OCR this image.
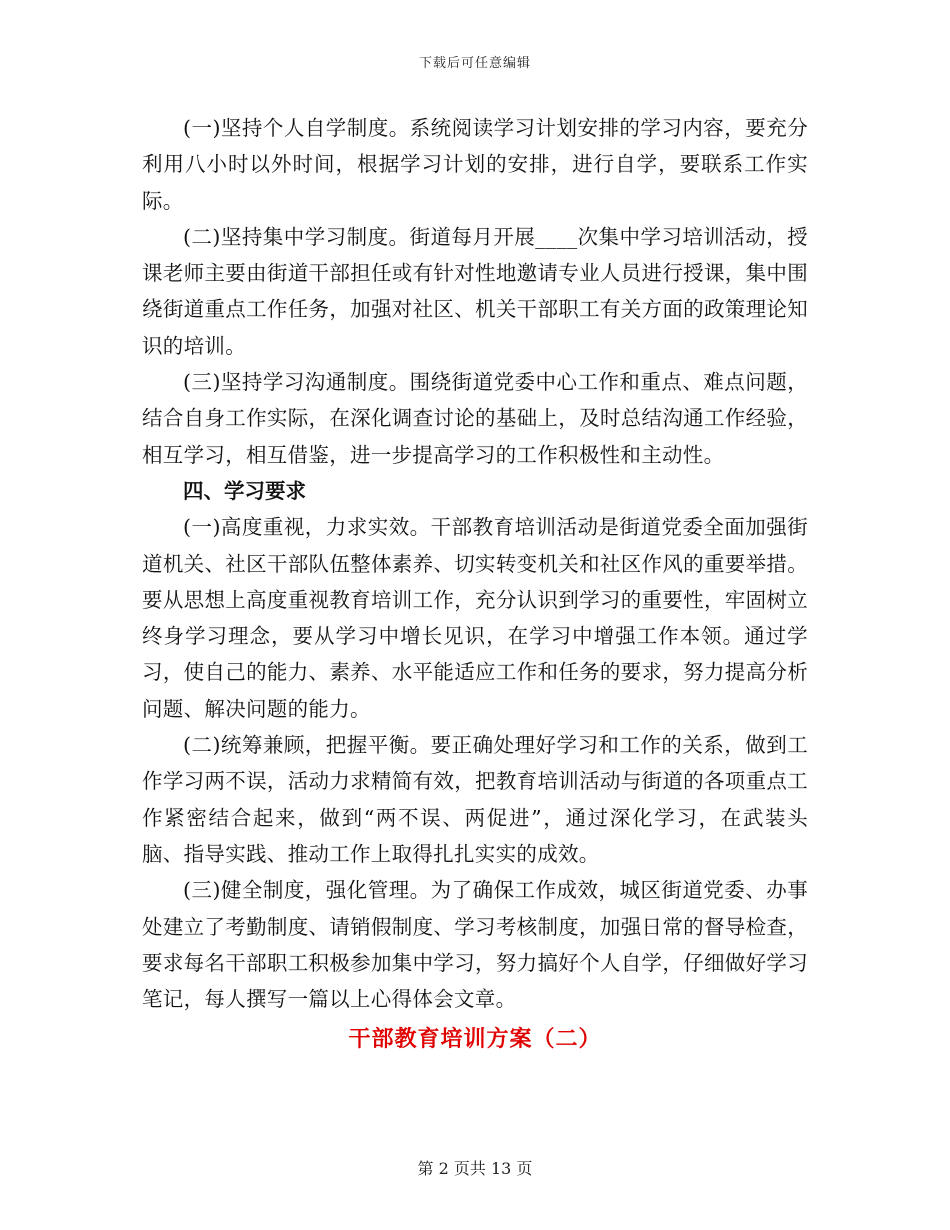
下载后可任意编辑

(一)坚持个人自学制度。系统阅读学习计划安排的学习内容，要充分利用八小时以外时间，根据学习计划的安排，进行自学，要联系工作实际。

(二)坚持集中学习制度。街道每月开展____次集中学习培训活动，授课老师主要由街道干部担任或有针对性地邀请专业人员进行授课，集中围绕街道重点工作任务，加强对社区、机关干部职工有关方面的政策理论知识的培训。

(三)坚持学习沟通制度。围绕街道党委中心工作和重点、难点问题，结合自身工作实际，在深化调查讨论的基础上，及时总结沟通工作经验，相互学习，相互借鉴，进一步提高学习的工作积极性和主动性。

四、学习要求

(一)高度重视，力求实效。干部教育培训活动是街道党委全面加强街道机关、社区干部队伍整体素养、切实转变机关和社区作风的重要举措。要从思想上高度重视教育培训工作，充分认识到学习的重要性，牢固树立终身学习理念，要从学习中增长见识，在学习中增强工作本领。通过学习，使自己的能力、素养、水平能适应工作和任务的要求，努力提高分析问题、解决问题的能力。

(二)统筹兼顾，把握平衡。要正确处理好学习和工作的关系，做到工作学习两不误，活动力求精简有效，把教育培训活动与街道的各项重点工作紧密结合起来，做到“两不误、两促进”，通过深化学习，在武装头脑、指导实践、推动工作上取得扎扎实实的成效。

(三)健全制度，强化管理。为了确保工作成效，城区街道党委、办事处建立了考勤制度、请销假制度、学习考核制度，加强日常的督导检查，要求每名干部职工积极参加集中学习，努力搞好个人自学，仔细做好学习笔记，每人撰写一篇以上心得体会文章。

干部教育培训方案（二）

第 2 页共 13 页
